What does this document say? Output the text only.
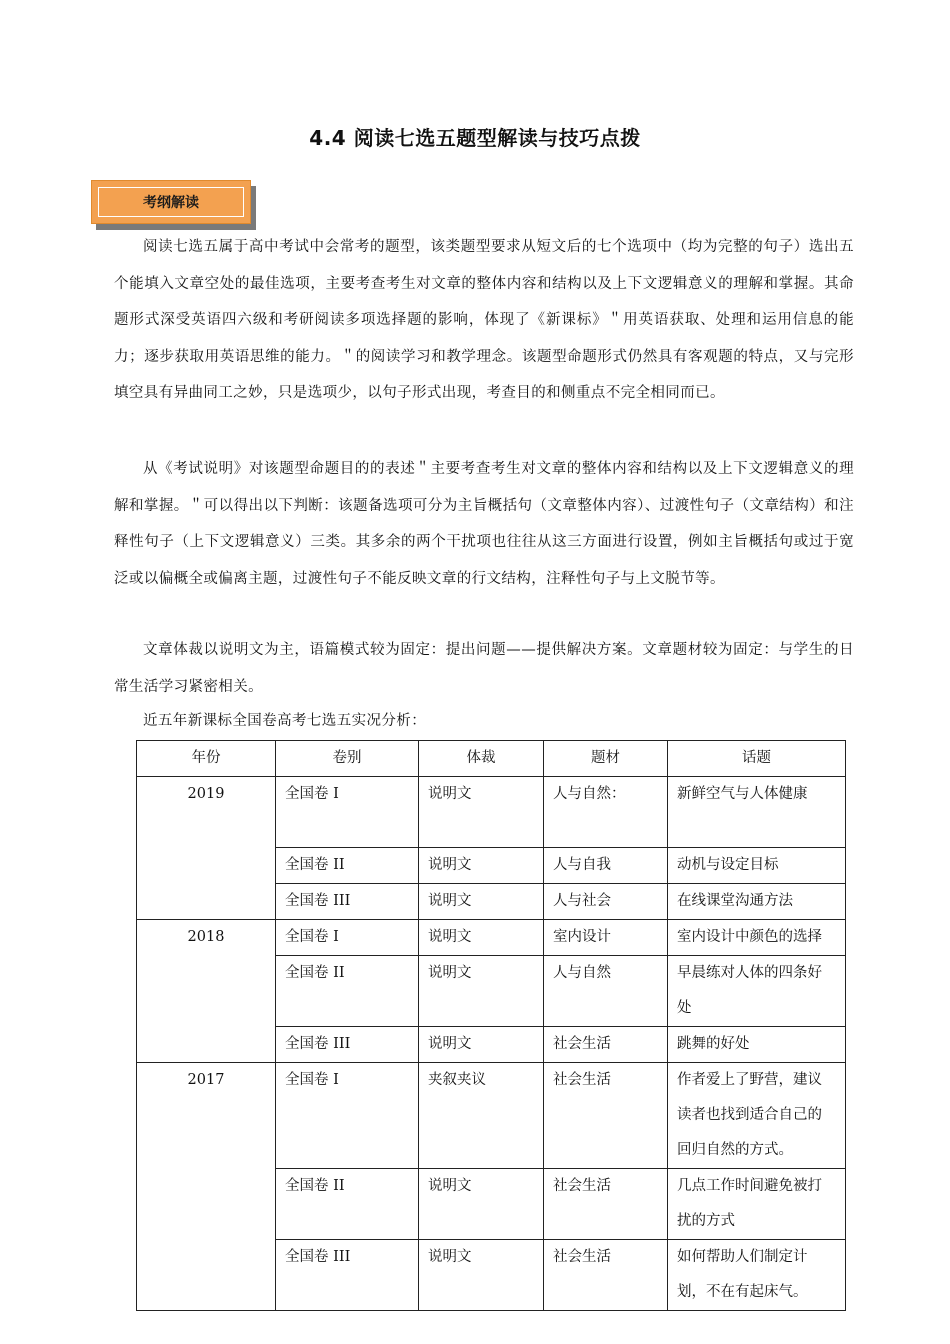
4.4 阅读七选五题型解读与技巧点拨
考纲解读

阅读七选五属于高中考试中会常考的题型，该类题型要求从短文后的七个选项中（均为完整的句子）选出五个能填入文章空处的最佳选项，主要考查考生对文章的整体内容和结构以及上下文逻辑意义的理解和掌握。其命题形式深受英语四六级和考研阅读多项选择题的影响，体现了《新课标》＂用英语获取、处理和运用信息的能力；逐步获取用英语思维的能力。＂的阅读学习和教学理念。该题型命题形式仍然具有客观题的特点，又与完形填空具有异曲同工之妙，只是选项少，以句子形式出现，考查目的和侧重点不完全相同而已。

从《考试说明》对该题型命题目的的表述＂主要考查考生对文章的整体内容和结构以及上下文逻辑意义的理解和掌握。＂可以得出以下判断：该题备选项可分为主旨概括句（文章整体内容）、过渡性句子（文章结构）和注释性句子（上下文逻辑意义）三类。其多余的两个干扰项也往往从这三方面进行设置，例如主旨概括句或过于宽泛或以偏概全或偏离主题，过渡性句子不能反映文章的行文结构，注释性句子与上文脱节等。

文章体裁以说明文为主，语篇模式较为固定：提出问题——提供解决方案。文章题材较为固定：与学生的日常生活学习紧密相关。

近五年新课标全国卷高考七选五实况分析：

年份	卷别	体裁	题材	话题
2019	全国卷 I	说明文	人与自然：	新鲜空气与人体健康
	全国卷 II	说明文	人与自我	动机与设定目标
	全国卷 III	说明文	人与社会	在线课堂沟通方法
2018	全国卷 I	说明文	室内设计	室内设计中颜色的选择
	全国卷 II	说明文	人与自然	早晨练对人体的四条好处
	全国卷 III	说明文	社会生活	跳舞的好处
2017	全国卷 I	夹叙夹议	社会生活	作者爱上了野营，建议读者也找到适合自己的回归自然的方式。
	全国卷 II	说明文	社会生活	几点工作时间避免被打扰的方式
	全国卷 III	说明文	社会生活	如何帮助人们制定计划，不在有起床气。
